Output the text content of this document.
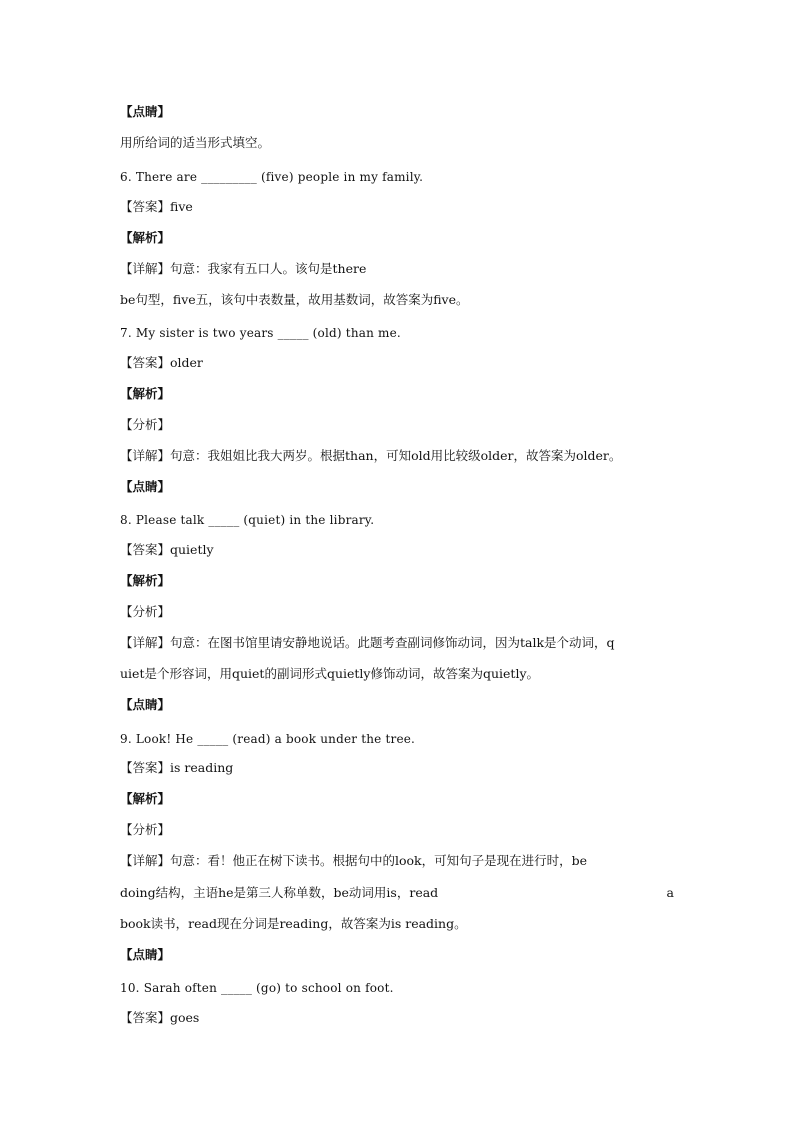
【点睛】

用所给词的适当形式填空。

6. There are _________ (five) people in my family.

【答案】five

【解析】

【详解】句意：我家有五口人。该句是there

be句型，five五，该句中表数量，故用基数词，故答案为five。

7. My sister is two years _____ (old) than me.

【答案】older

【解析】

【分析】

【详解】句意：我姐姐比我大两岁。根据than，可知old用比较级older，故答案为older。

【点睛】

8. Please talk _____ (quiet) in the library.

【答案】quietly

【解析】

【分析】

【详解】句意：在图书馆里请安静地说话。此题考查副词修饰动词，因为talk是个动词，q

uiet是个形容词，用quiet的副词形式quietly修饰动词，故答案为quietly。

【点睛】

9. Look! He _____ (read) a book under the tree.

【答案】is reading

【解析】

【分析】

【详解】句意：看！他正在树下读书。根据句中的look，可知句子是现在进行时，be

doing结构，主语he是第三人称单数，be动词用is，read	a

book读书，read现在分词是reading，故答案为is reading。

【点睛】

10. Sarah often _____ (go) to school on foot.

【答案】goes
